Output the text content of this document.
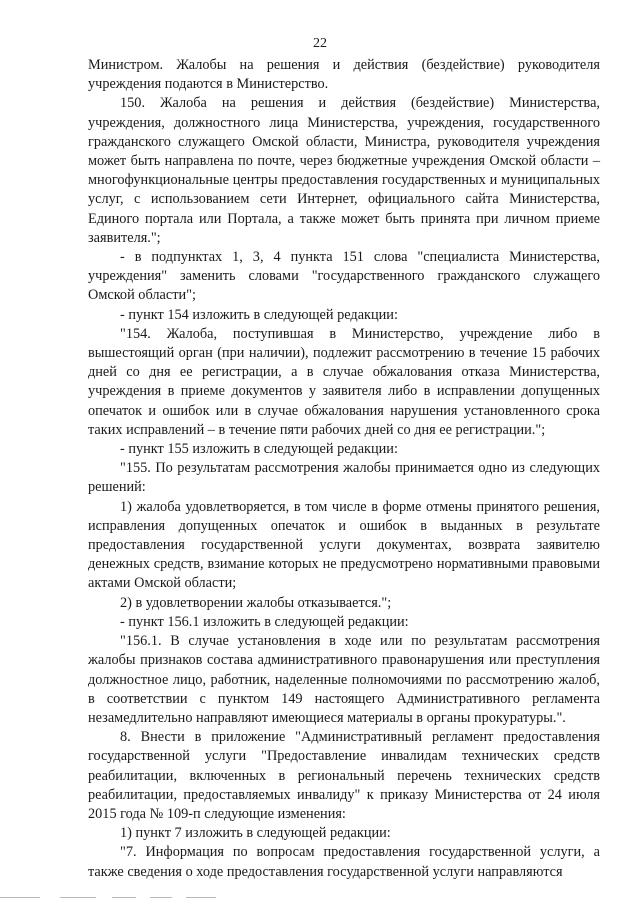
22

Министром. Жалобы на решения и действия (бездействие) руководителя учреждения подаются в Министерство.

150. Жалоба на решения и действия (бездействие) Министерства, учреждения, должностного лица Министерства, учреждения, государственного гражданского служащего Омской области, Министра, руководителя учреждения может быть направлена по почте, через бюджетные учреждения Омской области – многофункциональные центры предоставления государственных и муниципальных услуг, с использованием сети Интернет, официального сайта Министерства, Единого портала или Портала, а также может быть принята при личном приеме заявителя.";

- в подпунктах 1, 3, 4 пункта 151 слова "специалиста Министерства, учреждения" заменить словами "государственного гражданского служащего Омской области";

- пункт 154 изложить в следующей редакции:

"154. Жалоба, поступившая в Министерство, учреждение либо в вышестоящий орган (при наличии), подлежит рассмотрению в течение 15 рабочих дней со дня ее регистрации, а в случае обжалования отказа Министерства, учреждения в приеме документов у заявителя либо в исправлении допущенных опечаток и ошибок или в случае обжалования нарушения установленного срока таких исправлений – в течение пяти рабочих дней со дня ее регистрации.";

- пункт 155 изложить в следующей редакции:

"155. По результатам рассмотрения жалобы принимается одно из следующих решений:

1) жалоба удовлетворяется, в том числе в форме отмены принятого решения, исправления допущенных опечаток и ошибок в выданных в результате предоставления государственной услуги документах, возврата заявителю денежных средств, взимание которых не предусмотрено нормативными правовыми актами Омской области;

2) в удовлетворении жалобы отказывается.";

- пункт 156.1 изложить в следующей редакции:

"156.1. В случае установления в ходе или по результатам рассмотрения жалобы признаков состава административного правонарушения или преступления должностное лицо, работник, наделенные полномочиями по рассмотрению жалоб, в соответствии с пунктом 149 настоящего Административного регламента незамедлительно направляют имеющиеся материалы в органы прокуратуры.".

8. Внести в приложение "Административный регламент предоставления государственной услуги "Предоставление инвалидам технических средств реабилитации, включенных в региональный перечень технических средств реабилитации, предоставляемых инвалиду" к приказу Министерства от 24 июля 2015 года № 109-п следующие изменения:

1) пункт 7 изложить в следующей редакции:

"7. Информация по вопросам предоставления государственной услуги, а также сведения о ходе предоставления государственной услуги направляются
